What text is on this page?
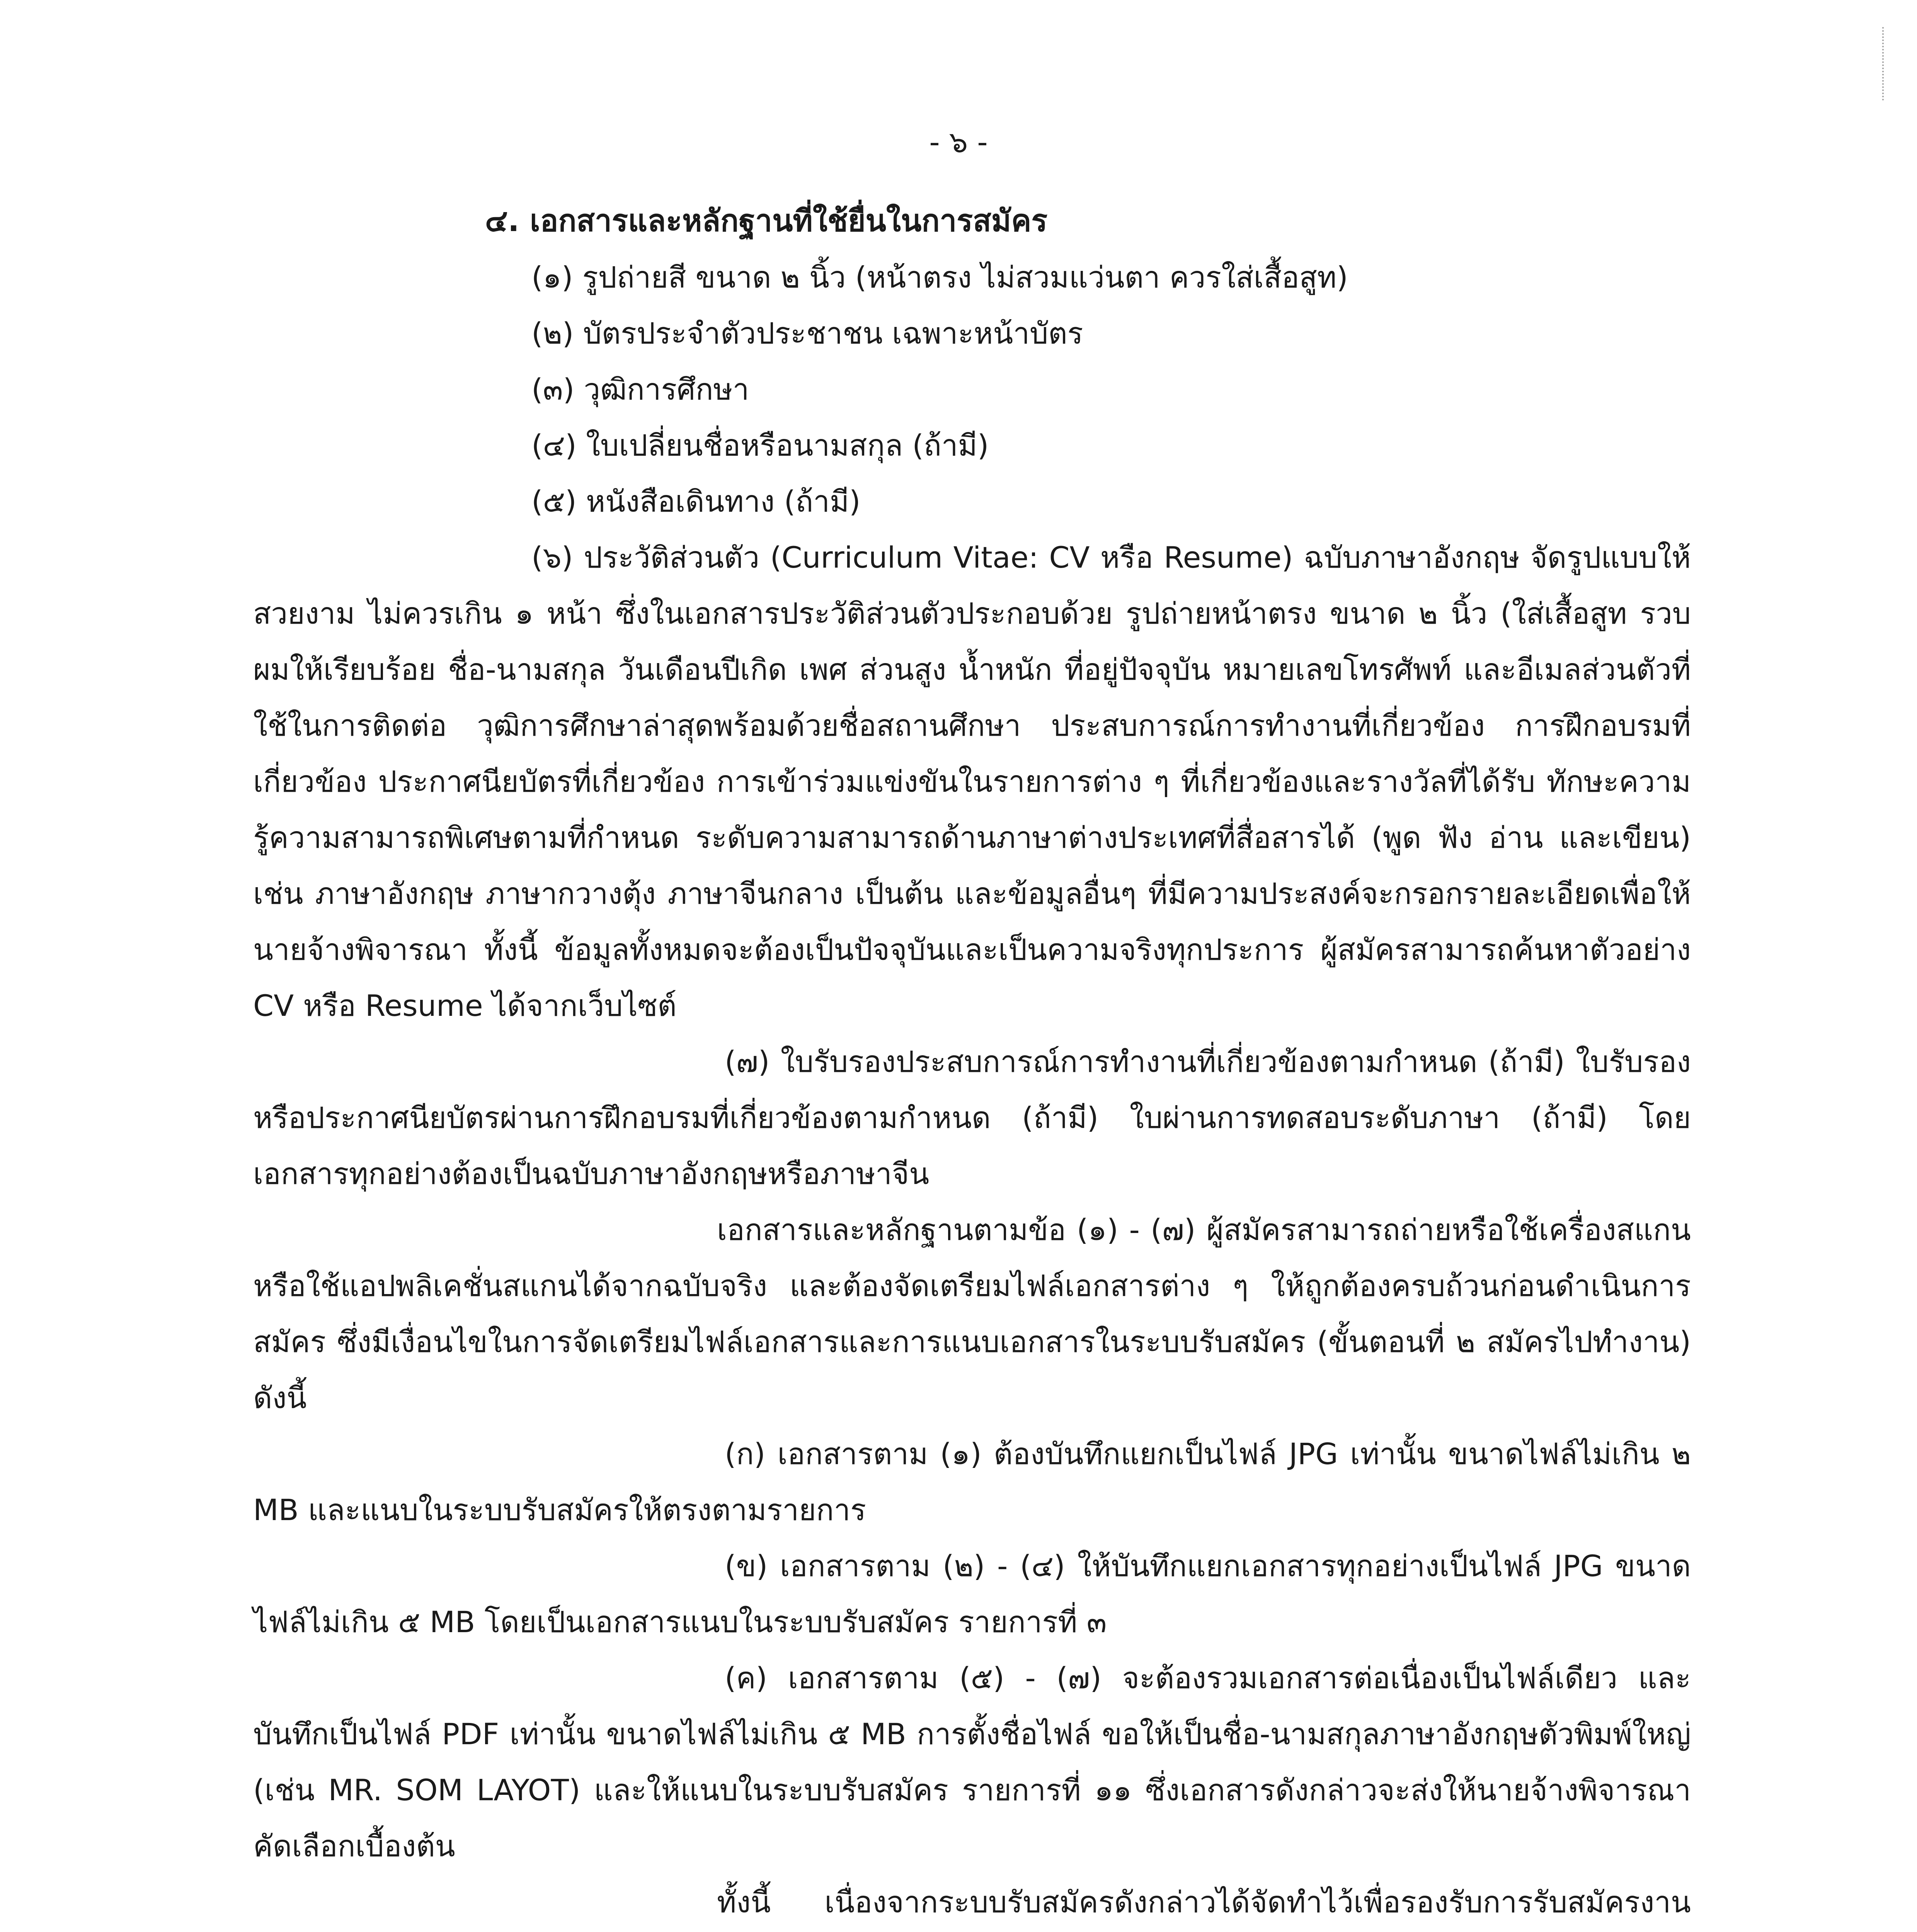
- ๖ -

๔. เอกสารและหลักฐานที่ใช้ยื่นในการสมัคร

(๑) รูปถ่ายสี ขนาด ๒ นิ้ว (หน้าตรง ไม่สวมแว่นตา ควรใส่เสื้อสูท)

(๒) บัตรประจำตัวประชาชน เฉพาะหน้าบัตร

(๓) วุฒิการศึกษา

(๔) ใบเปลี่ยนชื่อหรือนามสกุล (ถ้ามี)

(๕) หนังสือเดินทาง (ถ้ามี)

(๖) ประวัติส่วนตัว (Curriculum Vitae: CV หรือ Resume) ฉบับภาษาอังกฤษ จัดรูปแบบให้สวยงาม ไม่ควรเกิน ๑ หน้า ซึ่งในเอกสารประวัติส่วนตัวประกอบด้วย รูปถ่ายหน้าตรง ขนาด ๒ นิ้ว (ใส่เสื้อสูท รวบผมให้เรียบร้อย ชื่อ-นามสกุล วันเดือนปีเกิด เพศ ส่วนสูง น้ำหนัก ที่อยู่ปัจจุบัน หมายเลขโทรศัพท์ และอีเมลส่วนตัวที่ใช้ในการติดต่อ วุฒิการศึกษาล่าสุดพร้อมด้วยชื่อสถานศึกษา ประสบการณ์การทำงานที่เกี่ยวข้อง การฝึกอบรมที่เกี่ยวข้อง ประกาศนียบัตรที่เกี่ยวข้อง การเข้าร่วมแข่งขันในรายการต่าง ๆ ที่เกี่ยวข้องและรางวัลที่ได้รับ ทักษะความรู้ความสามารถพิเศษตามที่กำหนด ระดับความสามารถด้านภาษาต่างประเทศที่สื่อสารได้ (พูด ฟัง อ่าน และเขียน) เช่น ภาษาอังกฤษ ภาษากวางตุ้ง ภาษาจีนกลาง เป็นต้น และข้อมูลอื่นๆ ที่มีความประสงค์จะกรอกรายละเอียดเพื่อให้นายจ้างพิจารณา ทั้งนี้ ข้อมูลทั้งหมดจะต้องเป็นปัจจุบันและเป็นความจริงทุกประการ ผู้สมัครสามารถค้นหาตัวอย่าง CV หรือ Resume ได้จากเว็บไซต์

(๗) ใบรับรองประสบการณ์การทำงานที่เกี่ยวข้องตามกำหนด (ถ้ามี) ใบรับรองหรือประกาศนียบัตรผ่านการฝึกอบรมที่เกี่ยวข้องตามกำหนด (ถ้ามี) ใบผ่านการทดสอบระดับภาษา (ถ้ามี) โดยเอกสารทุกอย่างต้องเป็นฉบับภาษาอังกฤษหรือภาษาจีน

เอกสารและหลักฐานตามข้อ (๑) - (๗) ผู้สมัครสามารถถ่ายหรือใช้เครื่องสแกนหรือใช้แอปพลิเคชั่นสแกนได้จากฉบับจริง และต้องจัดเตรียมไฟล์เอกสารต่าง ๆ ให้ถูกต้องครบถ้วนก่อนดำเนินการสมัคร ซึ่งมีเงื่อนไขในการจัดเตรียมไฟล์เอกสารและการแนบเอกสารในระบบรับสมัคร (ขั้นตอนที่ ๒ สมัครไปทำงาน) ดังนี้

(ก) เอกสารตาม (๑) ต้องบันทึกแยกเป็นไฟล์ JPG เท่านั้น ขนาดไฟล์ไม่เกิน ๒ MB และแนบในระบบรับสมัครให้ตรงตามรายการ

(ข) เอกสารตาม (๒) - (๔) ให้บันทึกแยกเอกสารทุกอย่างเป็นไฟล์ JPG ขนาดไฟล์ไม่เกิน ๕ MB โดยเป็นเอกสารแนบในระบบรับสมัคร รายการที่ ๓

(ค) เอกสารตาม (๕) - (๗) จะต้องรวมเอกสารต่อเนื่องเป็นไฟล์เดียว และบันทึกเป็นไฟล์ PDF เท่านั้น ขนาดไฟล์ไม่เกิน ๕ MB การตั้งชื่อไฟล์ ขอให้เป็นชื่อ-นามสกุลภาษาอังกฤษตัวพิมพ์ใหญ่ (เช่น MR. SOM LAYOT) และให้แนบในระบบรับสมัคร รายการที่ ๑๑ ซึ่งเอกสารดังกล่าวจะส่งให้นายจ้างพิจารณาคัดเลือกเบื้องต้น

ทั้งนี้ เนื่องจากระบบรับสมัครดังกล่าวได้จัดทำไว้เพื่อรองรับการรับสมัครงาน
